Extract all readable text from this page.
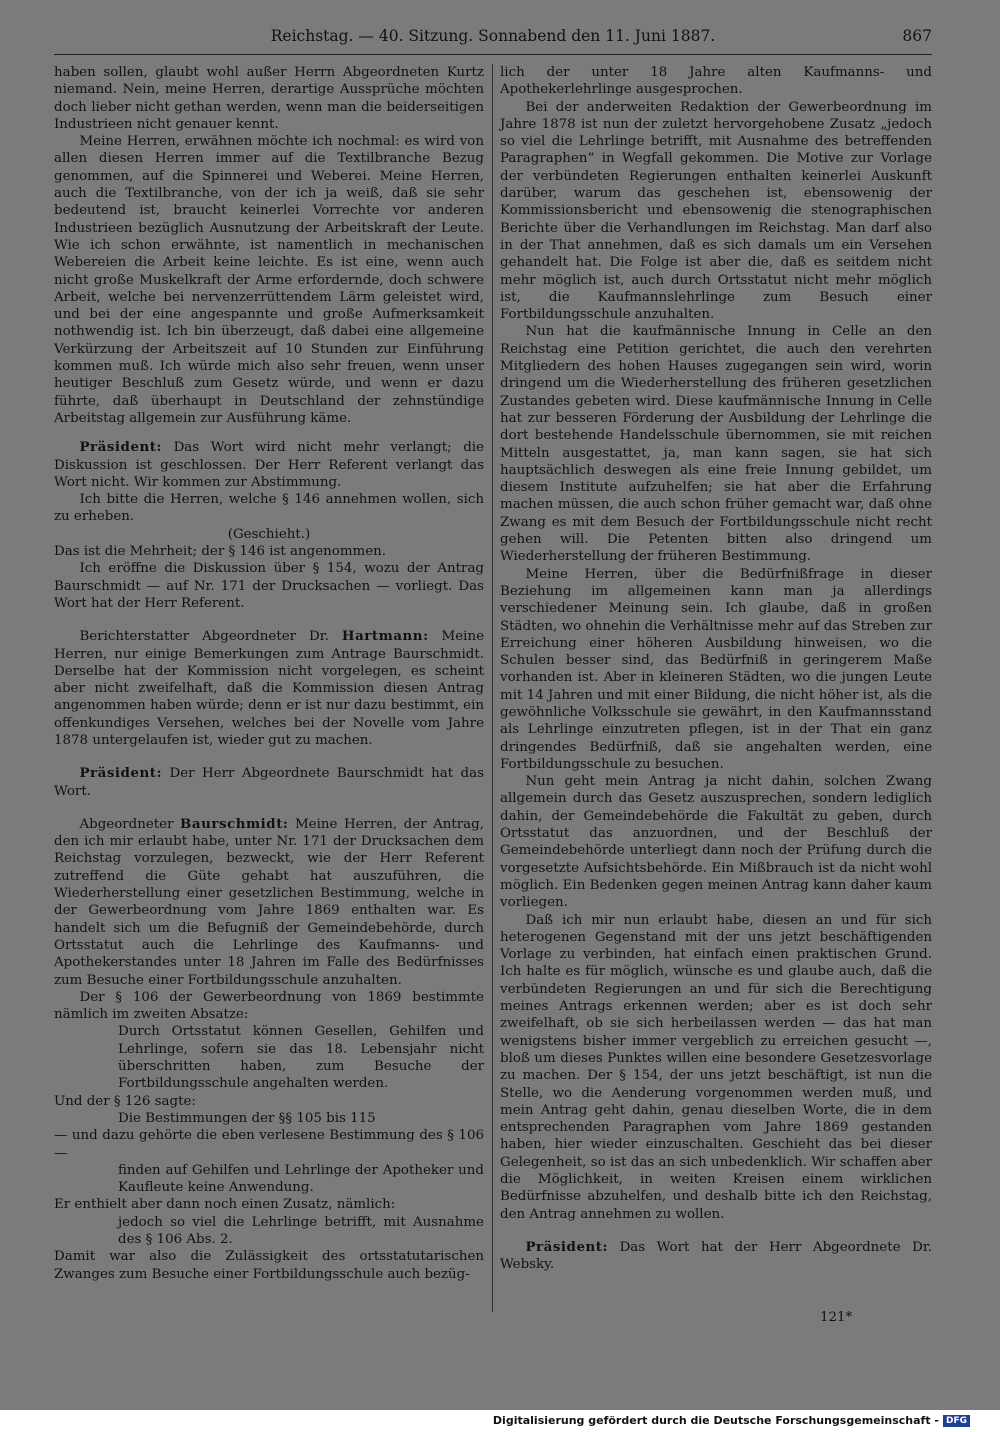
Reichstag. — 40. Sitzung. Sonnabend den 11. Juni 1887.	867

haben sollen, glaubt wohl außer Herrn Abgeordneten Kurtz niemand. Nein, meine Herren, derartige Aussprüche möchten doch lieber nicht gethan werden, wenn man die beiderseitigen Industrieen nicht genauer kennt.

Meine Herren, erwähnen möchte ich nochmal: es wird von allen diesen Herren immer auf die Textilbranche Bezug genommen, auf die Spinnerei und Weberei. Meine Herren, auch die Textilbranche, von der ich ja weiß, daß sie sehr bedeutend ist, braucht keinerlei Vorrechte vor anderen Industrieen bezüglich Ausnutzung der Arbeitskraft der Leute. Wie ich schon erwähnte, ist namentlich in mechanischen Webereien die Arbeit keine leichte. Es ist eine, wenn auch nicht große Muskelkraft der Arme erfordernde, doch schwere Arbeit, welche bei nervenzerrüttendem Lärm geleistet wird, und bei der eine angespannte und große Aufmerksamkeit nothwendig ist. Ich bin überzeugt, daß dabei eine allgemeine Verkürzung der Arbeitszeit auf 10 Stunden zur Einführung kommen muß. Ich würde mich also sehr freuen, wenn unser heutiger Beschluß zum Gesetz würde, und wenn er dazu führte, daß überhaupt in Deutschland der zehnstündige Arbeitstag allgemein zur Ausführung käme.

Präsident: Das Wort wird nicht mehr verlangt; die Diskussion ist geschlossen. Der Herr Referent verlangt das Wort nicht. Wir kommen zur Abstimmung.

Ich bitte die Herren, welche § 146 annehmen wollen, sich zu erheben.

(Geschieht.)

Das ist die Mehrheit; der § 146 ist angenommen.

Ich eröffne die Diskussion über § 154, wozu der Antrag Baurschmidt — auf Nr. 171 der Drucksachen — vorliegt. Das Wort hat der Herr Referent.

Berichterstatter Abgeordneter Dr. Hartmann: Meine Herren, nur einige Bemerkungen zum Antrage Baurschmidt. Derselbe hat der Kommission nicht vorgelegen, es scheint aber nicht zweifelhaft, daß die Kommission diesen Antrag angenommen haben würde; denn er ist nur dazu bestimmt, ein offenkundiges Versehen, welches bei der Novelle vom Jahre 1878 untergelaufen ist, wieder gut zu machen.

Präsident: Der Herr Abgeordnete Baurschmidt hat das Wort.

Abgeordneter Baurschmidt: Meine Herren, der Antrag, den ich mir erlaubt habe, unter Nr. 171 der Drucksachen dem Reichstag vorzulegen, bezweckt, wie der Herr Referent zutreffend die Güte gehabt hat auszuführen, die Wiederherstellung einer gesetzlichen Bestimmung, welche in der Gewerbeordnung vom Jahre 1869 enthalten war. Es handelt sich um die Befugniß der Gemeindebehörde, durch Ortsstatut auch die Lehrlinge des Kaufmanns- und Apothekerstandes unter 18 Jahren im Falle des Bedürfnisses zum Besuche einer Fortbildungsschule anzuhalten.

Der § 106 der Gewerbeordnung von 1869 bestimmte nämlich im zweiten Absatze:

Durch Ortsstatut können Gesellen, Gehilfen und Lehrlinge, sofern sie das 18. Lebensjahr nicht überschritten haben, zum Besuche der Fortbildungsschule angehalten werden.

Und der § 126 sagte:

Die Bestimmungen der §§ 105 bis 115

— und dazu gehörte die eben verlesene Bestimmung des § 106 —

finden auf Gehilfen und Lehrlinge der Apotheker und Kaufleute keine Anwendung.

Er enthielt aber dann noch einen Zusatz, nämlich:

jedoch so viel die Lehrlinge betrifft, mit Ausnahme des § 106 Abs. 2.

Damit war also die Zulässigkeit des ortsstatutarischen Zwanges zum Besuche einer Fortbildungsschule auch bezüg-

lich der unter 18 Jahre alten Kaufmanns- und Apothekerlehrlinge ausgesprochen.

Bei der anderweiten Redaktion der Gewerbeordnung im Jahre 1878 ist nun der zuletzt hervorgehobene Zusatz „jedoch so viel die Lehrlinge betrifft, mit Ausnahme des betreffenden Paragraphen“ in Wegfall gekommen. Die Motive zur Vorlage der verbündeten Regierungen enthalten keinerlei Auskunft darüber, warum das geschehen ist, ebensowenig der Kommissionsbericht und ebensowenig die stenographischen Berichte über die Verhandlungen im Reichstag. Man darf also in der That annehmen, daß es sich damals um ein Versehen gehandelt hat. Die Folge ist aber die, daß es seitdem nicht mehr möglich ist, auch durch Ortsstatut nicht mehr möglich ist, die Kaufmannslehrlinge zum Besuch einer Fortbildungsschule anzuhalten.

Nun hat die kaufmännische Innung in Celle an den Reichstag eine Petition gerichtet, die auch den verehrten Mitgliedern des hohen Hauses zugegangen sein wird, worin dringend um die Wiederherstellung des früheren gesetzlichen Zustandes gebeten wird. Diese kaufmännische Innung in Celle hat zur besseren Förderung der Ausbildung der Lehrlinge die dort bestehende Handelsschule übernommen, sie mit reichen Mitteln ausgestattet, ja, man kann sagen, sie hat sich hauptsächlich deswegen als eine freie Innung gebildet, um diesem Institute aufzuhelfen; sie hat aber die Erfahrung machen müssen, die auch schon früher gemacht war, daß ohne Zwang es mit dem Besuch der Fortbildungsschule nicht recht gehen will. Die Petenten bitten also dringend um Wiederherstellung der früheren Bestimmung.

Meine Herren, über die Bedürfnißfrage in dieser Beziehung im allgemeinen kann man ja allerdings verschiedener Meinung sein. Ich glaube, daß in großen Städten, wo ohnehin die Verhältnisse mehr auf das Streben zur Erreichung einer höheren Ausbildung hinweisen, wo die Schulen besser sind, das Bedürfniß in geringerem Maße vorhanden ist. Aber in kleineren Städten, wo die jungen Leute mit 14 Jahren und mit einer Bildung, die nicht höher ist, als die gewöhnliche Volksschule sie gewährt, in den Kaufmannsstand als Lehrlinge einzutreten pflegen, ist in der That ein ganz dringendes Bedürfniß, daß sie angehalten werden, eine Fortbildungsschule zu besuchen.

Nun geht mein Antrag ja nicht dahin, solchen Zwang allgemein durch das Gesetz auszusprechen, sondern lediglich dahin, der Gemeindebehörde die Fakultät zu geben, durch Ortsstatut das anzuordnen, und der Beschluß der Gemeindebehörde unterliegt dann noch der Prüfung durch die vorgesetzte Aufsichtsbehörde. Ein Mißbrauch ist da nicht wohl möglich. Ein Bedenken gegen meinen Antrag kann daher kaum vorliegen.

Daß ich mir nun erlaubt habe, diesen an und für sich heterogenen Gegenstand mit der uns jetzt beschäftigenden Vorlage zu verbinden, hat einfach einen praktischen Grund. Ich halte es für möglich, wünsche es und glaube auch, daß die verbündeten Regierungen an und für sich die Berechtigung meines Antrags erkennen werden; aber es ist doch sehr zweifelhaft, ob sie sich herbeilassen werden — das hat man wenigstens bisher immer vergeblich zu erreichen gesucht —, bloß um dieses Punktes willen eine besondere Gesetzesvorlage zu machen. Der § 154, der uns jetzt beschäftigt, ist nun die Stelle, wo die Aenderung vorgenommen werden muß, und mein Antrag geht dahin, genau dieselben Worte, die in dem entsprechenden Paragraphen vom Jahre 1869 gestanden haben, hier wieder einzuschalten. Geschieht das bei dieser Gelegenheit, so ist das an sich unbedenklich. Wir schaffen aber die Möglichkeit, in weiten Kreisen einem wirklichen Bedürfnisse abzuhelfen, und deshalb bitte ich den Reichstag, den Antrag annehmen zu wollen.

Präsident: Das Wort hat der Herr Abgeordnete Dr. Websky.

121*
Digitalisierung gefördert durch die Deutsche Forschungsgemeinschaft - DFG
